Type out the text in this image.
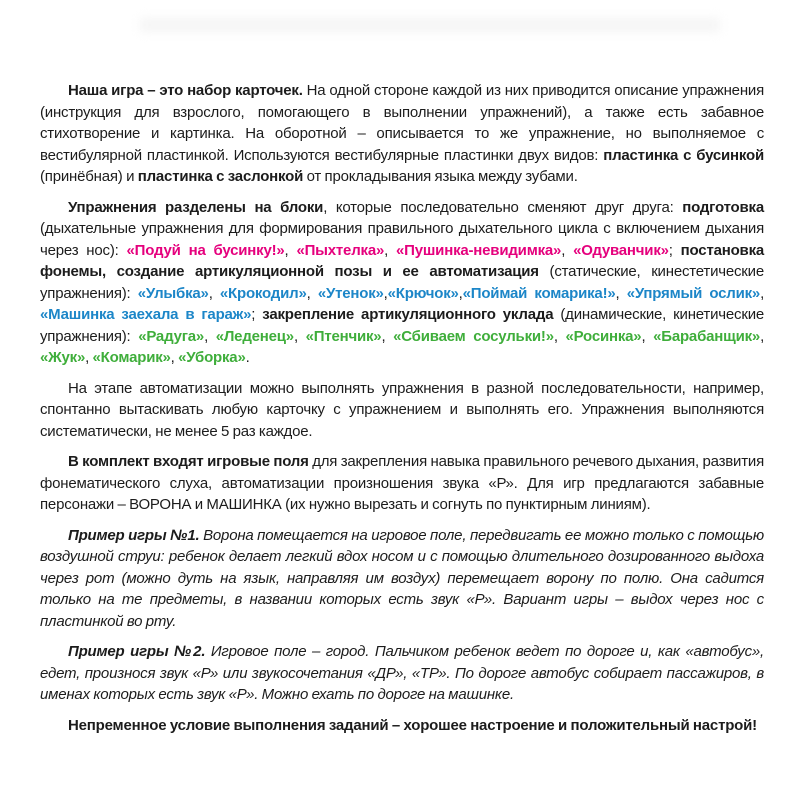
Наша игра – это набор карточек. На одной стороне каждой из них приводится описание упражнения (инструкция для взрослого, помогающего в выполнении упражнений), а также есть забавное стихотворение и картинка. На оборотной – описывается то же упражнение, но выполняемое с вестибулярной пластинкой. Используются вестибулярные пластинки двух видов: пластинка с бусинкой (принёбная) и пластинка с заслонкой от прокладывания языка между зубами.

Упражнения разделены на блоки, которые последовательно сменяют друг друга: подготовка (дыхательные упражнения для формирования правильного дыхательного цикла с включением дыхания через нос): «Подуй на бусинку!», «Пыхтелка», «Пушинка-невидимка», «Одуванчик»; постановка фонемы, создание артикуляционной позы и ее автоматизация (статические, кинестетические упражнения): «Улыбка», «Крокодил», «Утенок»,«Крючок»,«Поймай комарика!», «Упрямый ослик», «Машинка заехала в гараж»; закрепление артикуляционного уклада (динамические, кинетические упражнения): «Радуга», «Леденец», «Птенчик», «Сбиваем сосульки!», «Росинка», «Барабанщик», «Жук», «Комарик», «Уборка».

На этапе автоматизации можно выполнять упражнения в разной последовательности, например, спонтанно вытаскивать любую карточку с упражнением и выполнять его. Упражнения выполняются систематически, не менее 5 раз каждое.

В комплект входят игровые поля для закрепления навыка правильного речевого дыхания, развития фонематического слуха, автоматизации произношения звука «Р». Для игр предлагаются забавные персонажи – ВОРОНА и МАШИНКА (их нужно вырезать и согнуть по пунктирным линиям).

Пример игры №1. Ворона помещается на игровое поле, передвигать ее можно только с помощью воздушной струи: ребенок делает легкий вдох носом и с помощью длительного дозированного выдоха через рот (можно дуть на язык, направляя им воздух) перемещает ворону по полю. Она садится только на те предметы, в названии которых есть звук «Р». Вариант игры – выдох через нос с пластинкой во рту.

Пример игры №2. Игровое поле – город. Пальчиком ребенок ведет по дороге и, как «автобус», едет, произнося звук «Р» или звукосочетания «ДР», «ТР». По дороге автобус собирает пассажиров, в именах которых есть звук «Р». Можно ехать по дороге на машинке.

Непременное условие выполнения заданий – хорошее настроение и положительный настрой!
